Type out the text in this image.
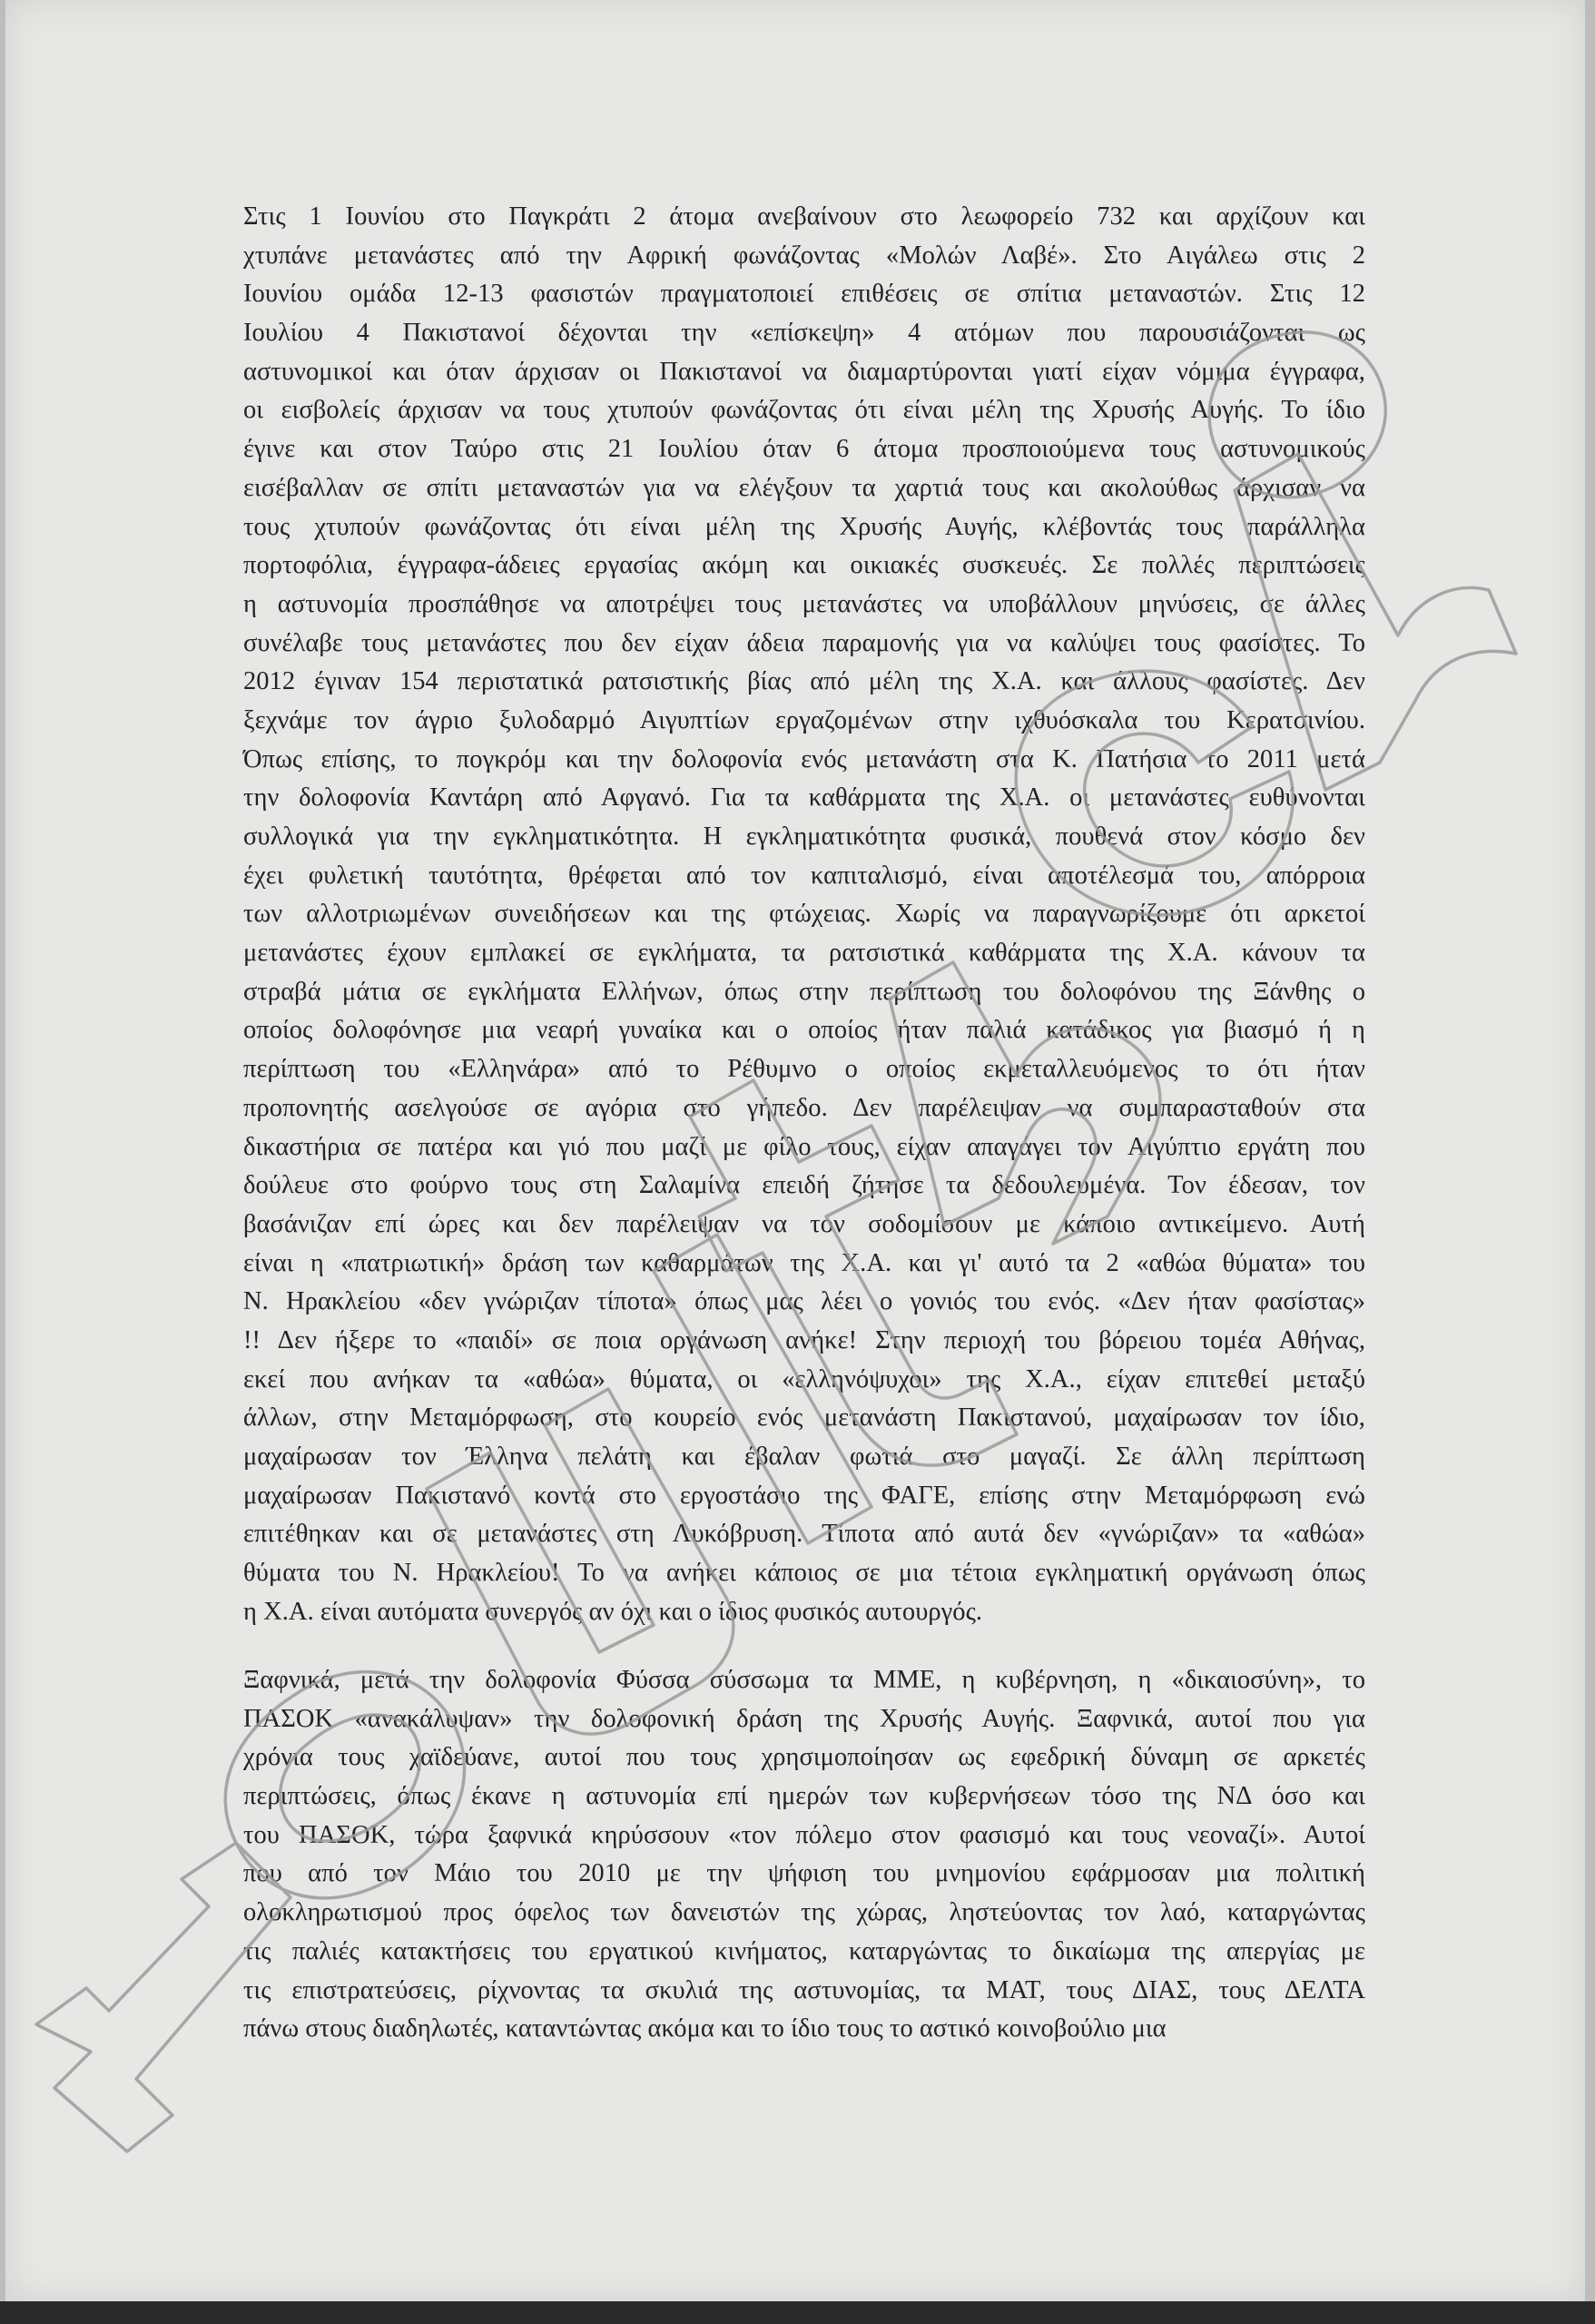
Στις 1 Ιουνίου στο Παγκράτι 2 άτομα ανεβαίνουν στο λεωφορείο 732 και αρχίζουν και
χτυπάνε μετανάστες από την Αφρική φωνάζοντας «Μολών Λαβέ». Στο Αιγάλεω στις 2
Ιουνίου ομάδα 12-13 φασιστών πραγματοποιεί επιθέσεις σε σπίτια μεταναστών. Στις 12
Ιουλίου 4 Πακιστανοί δέχονται την «επίσκεψη» 4 ατόμων που παρουσιάζονται ως
αστυνομικοί και όταν άρχισαν οι Πακιστανοί να διαμαρτύρονται γιατί είχαν νόμιμα έγγραφα,
οι εισβολείς άρχισαν να τους χτυπούν φωνάζοντας ότι είναι μέλη της Χρυσής Αυγής. Το ίδιο
έγινε και στον Ταύρο στις 21 Ιουλίου όταν 6 άτομα προσποιούμενα τους αστυνομικούς
εισέβαλλαν σε σπίτι μεταναστών για να ελέγξουν τα χαρτιά τους και ακολούθως άρχισαν να
τους χτυπούν φωνάζοντας ότι είναι μέλη της Χρυσής Αυγής, κλέβοντάς τους παράλληλα
πορτοφόλια, έγγραφα-άδειες εργασίας ακόμη και οικιακές συσκευές. Σε πολλές περιπτώσεις
η αστυνομία προσπάθησε να αποτρέψει τους μετανάστες να υποβάλλουν μηνύσεις, σε άλλες
συνέλαβε τους μετανάστες που δεν είχαν άδεια παραμονής για να καλύψει τους φασίστες. Το
2012 έγιναν 154 περιστατικά ρατσιστικής βίας από μέλη της Χ.Α. και άλλους φασίστες. Δεν
ξεχνάμε τον άγριο ξυλοδαρμό Αιγυπτίων εργαζομένων στην ιχθυόσκαλα του Κερατσινίου.
Όπως επίσης, το πογκρόμ και την δολοφονία ενός μετανάστη στα Κ. Πατήσια το 2011 μετά
την δολοφονία Καντάρη από Αφγανό. Για τα καθάρματα της Χ.Α. οι μετανάστες ευθύνονται
συλλογικά για την εγκληματικότητα. Η εγκληματικότητα φυσικά, πουθενά στον κόσμο δεν
έχει φυλετική ταυτότητα, θρέφεται από τον καπιταλισμό, είναι αποτέλεσμά του, απόρροια
των αλλοτριωμένων συνειδήσεων και της φτώχειας. Χωρίς να παραγνωρίζουμε ότι αρκετοί
μετανάστες έχουν εμπλακεί σε εγκλήματα, τα ρατσιστικά καθάρματα της Χ.Α. κάνουν τα
στραβά μάτια σε εγκλήματα Ελλήνων, όπως στην περίπτωση του δολοφόνου της Ξάνθης ο
οποίος δολοφόνησε μια νεαρή γυναίκα και ο οποίος ήταν παλιά κατάδικος για βιασμό ή η
περίπτωση του «Ελληνάρα» από το Ρέθυμνο ο οποίος εκμεταλλευόμενος το ότι ήταν
προπονητής ασελγούσε σε αγόρια στο γήπεδο. Δεν παρέλειψαν να συμπαρασταθούν στα
δικαστήρια σε πατέρα και γιό που μαζί με φίλο τους, είχαν απαγάγει τον Αιγύπτιο εργάτη που
δούλευε στο φούρνο τους στη Σαλαμίνα επειδή ζήτησε τα δεδουλευμένα. Τον έδεσαν, τον
βασάνιζαν επί ώρες και δεν παρέλειψαν να τον σοδομίσουν με κάποιο αντικείμενο. Αυτή
είναι η «πατριωτική» δράση των καθαρμάτων της Χ.Α. και γι' αυτό τα 2 «αθώα θύματα» του
Ν. Ηρακλείου «δεν γνώριζαν τίποτα» όπως μας λέει ο γονιός του ενός. «Δεν ήταν φασίστας»
!! Δεν ήξερε το «παιδί» σε ποια οργάνωση ανήκε! Στην περιοχή του βόρειου τομέα Αθήνας,
εκεί που ανήκαν τα «αθώα» θύματα, οι «ελληνόψυχοι» της Χ.Α., είχαν επιτεθεί μεταξύ
άλλων, στην Μεταμόρφωση, στο κουρείο ενός μετανάστη Πακιστανού, μαχαίρωσαν τον ίδιο,
μαχαίρωσαν τον Έλληνα πελάτη και έβαλαν φωτιά στο μαγαζί. Σε άλλη περίπτωση
μαχαίρωσαν Πακιστανό κοντά στο εργοστάσιο της ΦΑΓΕ, επίσης στην Μεταμόρφωση ενώ
επιτέθηκαν και σε μετανάστες στη Λυκόβρυση. Τίποτα από αυτά δεν «γνώριζαν» τα «αθώα»
θύματα του Ν. Ηρακλείου! Το να ανήκει κάποιος σε μια τέτοια εγκληματική οργάνωση όπως
η Χ.Α. είναι αυτόματα συνεργός αν όχι και ο ίδιος φυσικός αυτουργός.
Ξαφνικά, μετά την δολοφονία Φύσσα σύσσωμα τα ΜΜΕ, η κυβέρνηση, η «δικαιοσύνη», το
ΠΑΣΟΚ «ανακάλυψαν» την δολοφονική δράση της Χρυσής Αυγής. Ξαφνικά, αυτοί που για
χρόνια τους χαϊδεύανε, αυτοί που τους χρησιμοποίησαν ως εφεδρική δύναμη σε αρκετές
περιπτώσεις, όπως έκανε η αστυνομία επί ημερών των κυβερνήσεων τόσο της ΝΔ όσο και
του ΠΑΣΟΚ, τώρα ξαφνικά κηρύσσουν «τον πόλεμο στον φασισμό και τους νεοναζί». Αυτοί
που από τον Μάιο του 2010 με την ψήφιση του μνημονίου εφάρμοσαν μια πολιτική
ολοκληρωτισμού προς όφελος των δανειστών της χώρας, ληστεύοντας τον λαό, καταργώντας
τις παλιές κατακτήσεις του εργατικού κινήματος, καταργώντας το δικαίωμα της απεργίας με
τις επιστρατεύσεις, ρίχνοντας τα σκυλιά της αστυνομίας, τα ΜΑΤ, τους ΔΙΑΣ, τους ΔΕΛΤΑ
πάνω στους διαδηλωτές, καταντώντας ακόμα και το ίδιο τους το αστικό κοινοβούλιο μια
